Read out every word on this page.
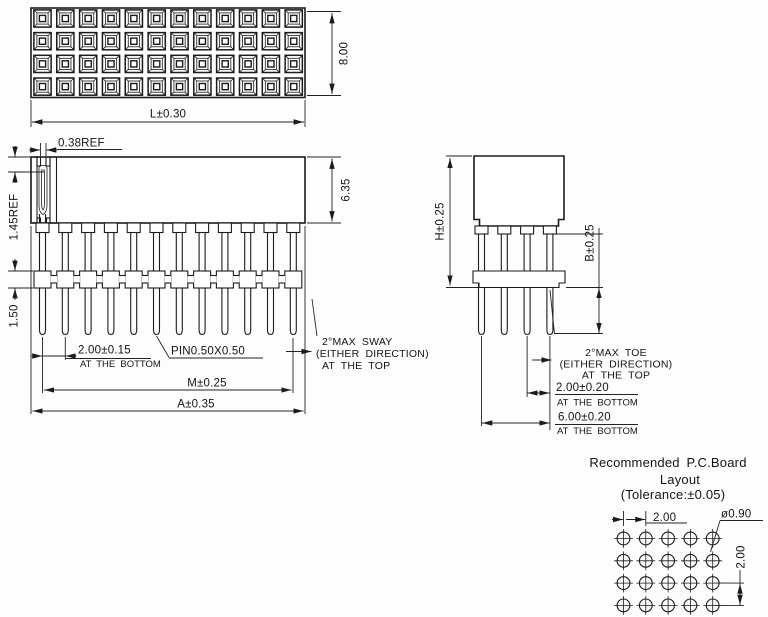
8.00
L±0.30
0.38REF
1.45REF
6.35
1.50
2.00±0.15
AT THE BOTTOM
PIN0.50X0.50
M±0.25
A±0.35
2°MAX SWAY
(EITHER DIRECTION)
AT THE TOP
H±0.25
B±0.25
2°MAX TOE
(EITHER DIRECTION)
AT THE TOP
2.00±0.20
AT THE BOTTOM
6.00±0.20
AT THE BOTTOM
Recommended P.C.Board
Layout
(Tolerance:±0.05)
2.00	ø0.90
2.00
